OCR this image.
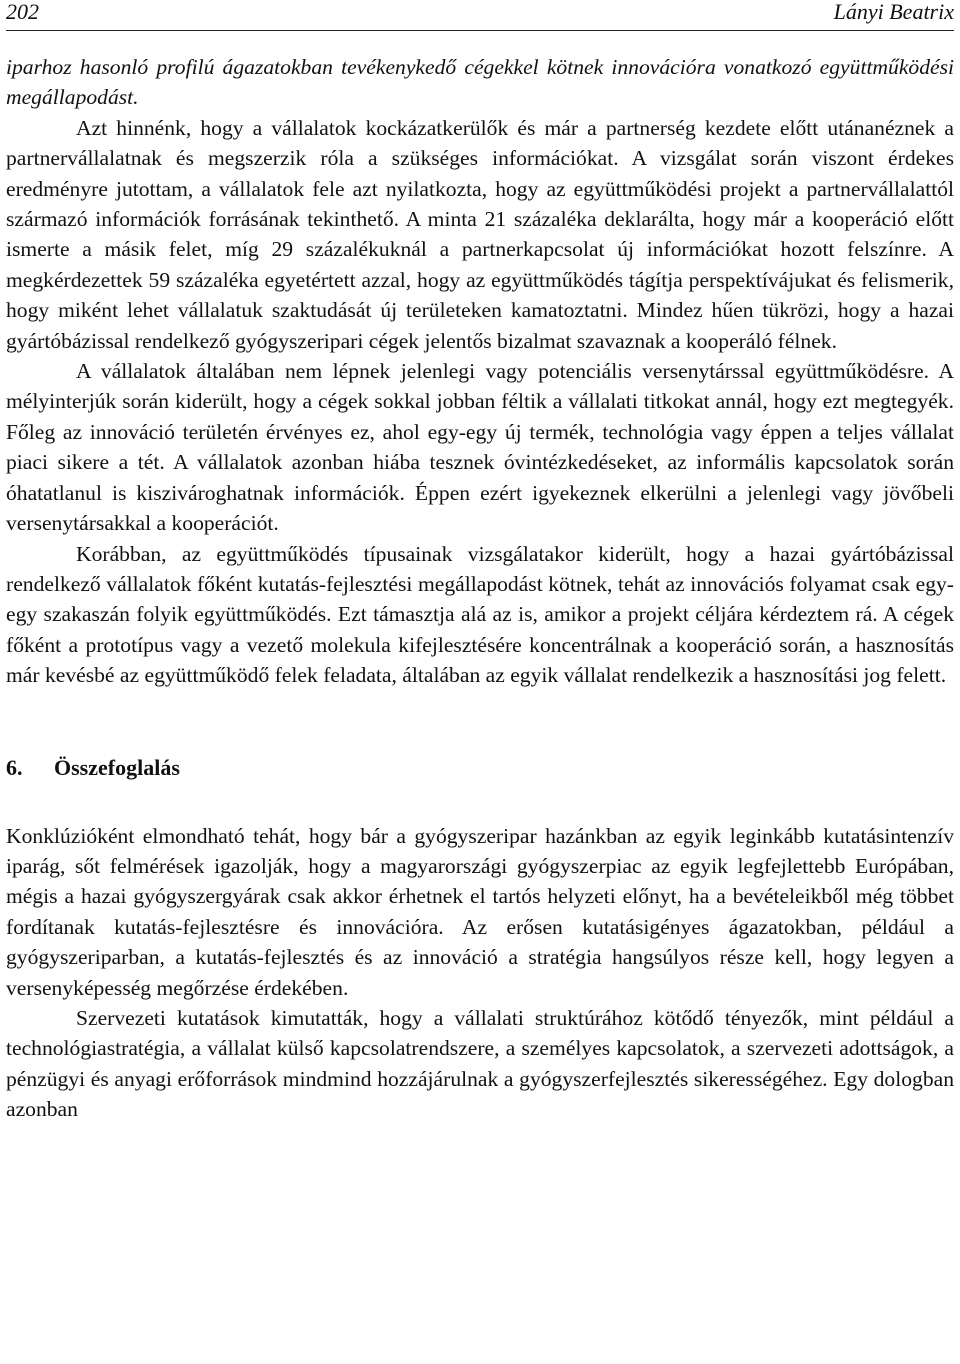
202	Lányi Beatrix

iparhoz hasonló profilú ágazatokban tevékenykedő cégekkel kötnek innovációra vonatkozó együttműködési megállapodást.

Azt hinnénk, hogy a vállalatok kockázatkerülők és már a partnerség kezdete előtt utánanéznek a partnervállalatnak és megszerzik róla a szükséges információkat. A vizsgálat során viszont érdekes eredményre jutottam, a vállalatok fele azt nyilatkozta, hogy az együttműködési projekt a partnervállalattól származó információk forrásának tekinthető. A minta 21 százaléka deklarálta, hogy már a kooperáció előtt ismerte a másik felet, míg 29 százalékuknál a partnerkapcsolat új információkat hozott felszínre. A megkérdezettek 59 százaléka egyetértett azzal, hogy az együttműködés tágítja perspektívájukat és felismerik, hogy miként lehet vállalatuk szaktudását új területeken kamatoztatni. Mindez hűen tükrözi, hogy a hazai gyártóbázissal rendelkező gyógyszeripari cégek jelentős bizalmat szavaznak a kooperáló félnek.

A vállalatok általában nem lépnek jelenlegi vagy potenciális versenytárssal együttműködésre. A mélyinterjúk során kiderült, hogy a cégek sokkal jobban féltik a vállalati titkokat annál, hogy ezt megtegyék. Főleg az innováció területén érvényes ez, ahol egy-egy új termék, technológia vagy éppen a teljes vállalat piaci sikere a tét. A vállalatok azonban hiába tesznek óvintézkedéseket, az informális kapcsolatok során óhatatlanul is kiszivároghatnak információk. Éppen ezért igyekeznek elkerülni a jelenlegi vagy jövőbeli versenytársakkal a kooperációt.

Korábban, az együttműködés típusainak vizsgálatakor kiderült, hogy a hazai gyártóbázissal rendelkező vállalatok főként kutatás-fejlesztési megállapodást kötnek, tehát az innovációs folyamat csak egy-egy szakaszán folyik együttműködés. Ezt támasztja alá az is, amikor a projekt céljára kérdeztem rá. A cégek főként a prototípus vagy a vezető molekula kifejlesztésére koncentrálnak a kooperáció során, a hasznosítás már kevésbé az együttműködő felek feladata, általában az egyik vállalat rendelkezik a hasznosítási jog felett.

6. Összefoglalás

Konklúzióként elmondható tehát, hogy bár a gyógyszeripar hazánkban az egyik leginkább kutatásintenzív iparág, sőt felmérések igazolják, hogy a magyarországi gyógyszerpiac az egyik legfejlettebb Európában, mégis a hazai gyógyszergyárak csak akkor érhetnek el tartós helyzeti előnyt, ha a bevételeikből még többet fordítanak kutatás-fejlesztésre és innovációra. Az erősen kutatásigényes ágazatokban, például a gyógyszeriparban, a kutatás-fejlesztés és az innováció a stratégia hangsúlyos része kell, hogy legyen a versenyképesség megőrzése érdekében.

Szervezeti kutatások kimutatták, hogy a vállalati struktúrához kötődő tényezők, mint például a technológiastratégia, a vállalat külső kapcsolatrendszere, a személyes kapcsolatok, a szervezeti adottságok, a pénzügyi és anyagi erőforrások mindmind hozzájárulnak a gyógyszerfejlesztés sikerességéhez. Egy dologban azonban
